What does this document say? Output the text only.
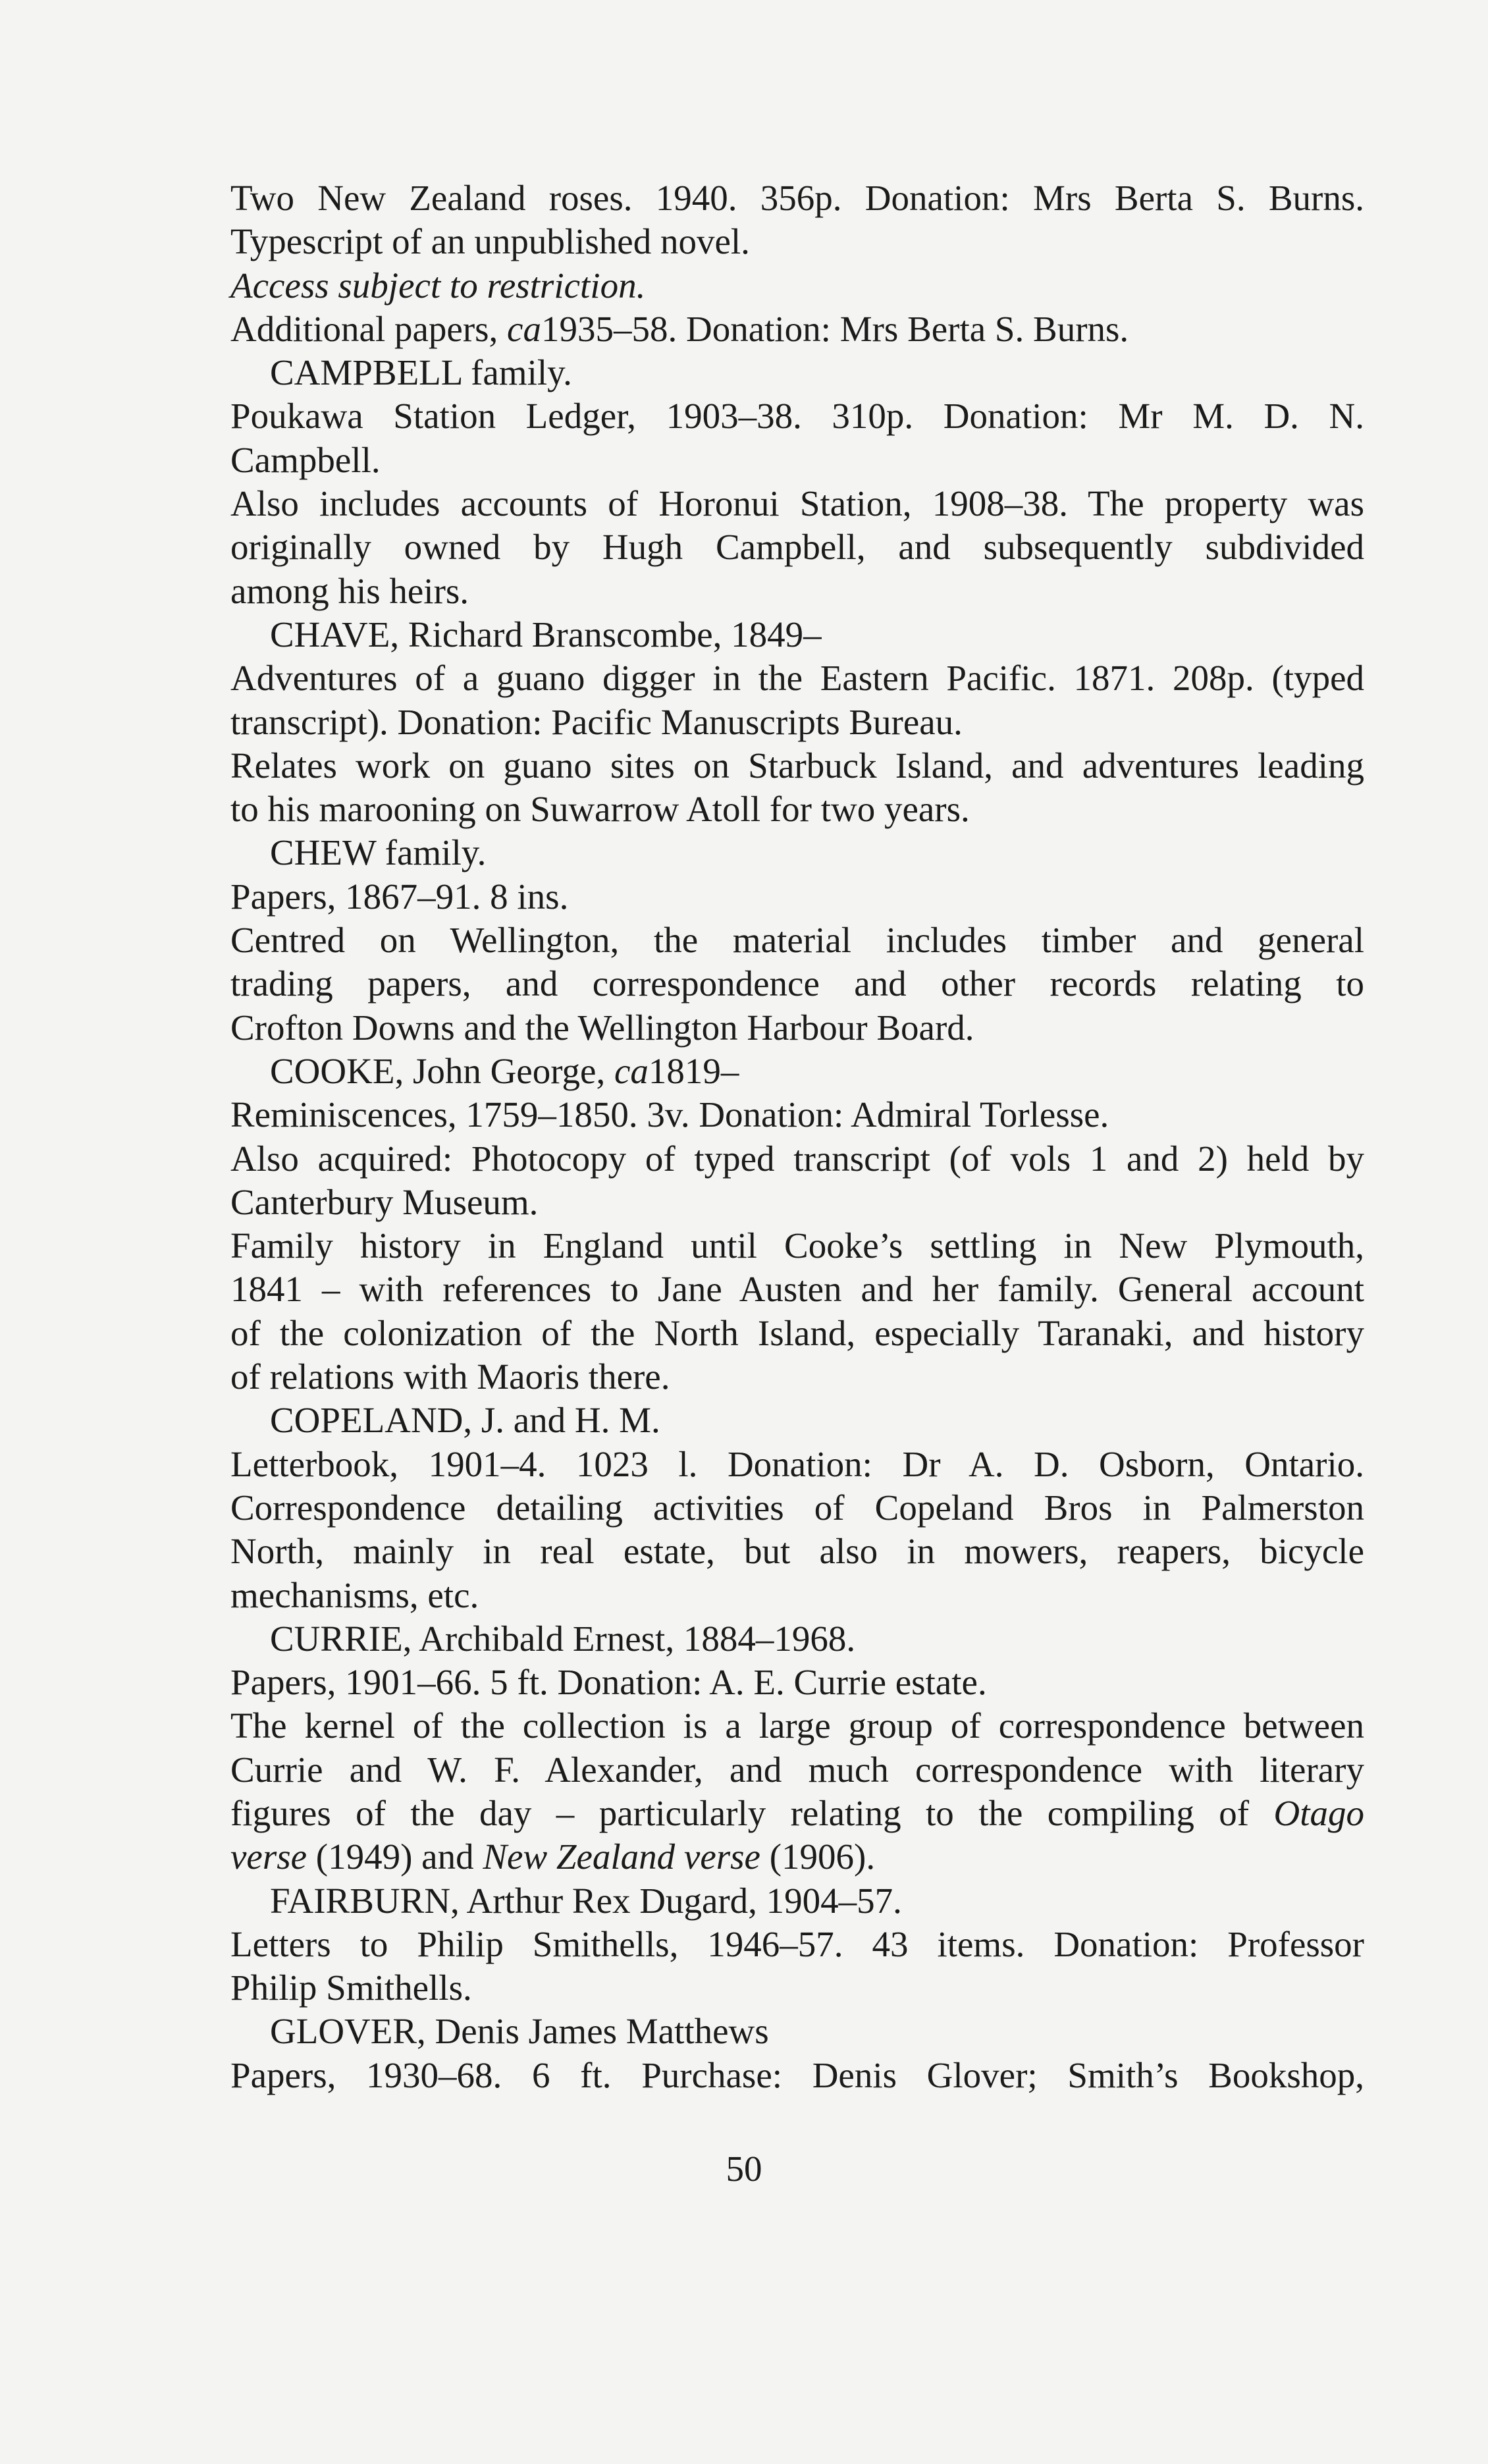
Two New Zealand roses. 1940. 356p. Donation: Mrs Berta S. Burns.
Typescript of an unpublished novel.
Access subject to restriction.
Additional papers, ca1935–58. Donation: Mrs Berta S. Burns.
CAMPBELL family.
Poukawa Station Ledger, 1903–38. 310p. Donation: Mr M. D. N.
Campbell.
Also includes accounts of Horonui Station, 1908–38. The property was
originally owned by Hugh Campbell, and subsequently subdivided
among his heirs.
CHAVE, Richard Branscombe, 1849–
Adventures of a guano digger in the Eastern Pacific. 1871. 208p. (typed
transcript). Donation: Pacific Manuscripts Bureau.
Relates work on guano sites on Starbuck Island, and adventures leading
to his marooning on Suwarrow Atoll for two years.
CHEW family.
Papers, 1867–91. 8 ins.
Centred on Wellington, the material includes timber and general
trading papers, and correspondence and other records relating to
Crofton Downs and the Wellington Harbour Board.
COOKE, John George, ca1819–
Reminiscences, 1759–1850. 3v. Donation: Admiral Torlesse.
Also acquired: Photocopy of typed transcript (of vols 1 and 2) held by
Canterbury Museum.
Family history in England until Cooke’s settling in New Plymouth,
1841 – with references to Jane Austen and her family. General account
of the colonization of the North Island, especially Taranaki, and history
of relations with Maoris there.
COPELAND, J. and H. M.
Letterbook, 1901–4. 1023 l. Donation: Dr A. D. Osborn, Ontario.
Correspondence detailing activities of Copeland Bros in Palmerston
North, mainly in real estate, but also in mowers, reapers, bicycle
mechanisms, etc.
CURRIE, Archibald Ernest, 1884–1968.
Papers, 1901–66. 5 ft. Donation: A. E. Currie estate.
The kernel of the collection is a large group of correspondence between
Currie and W. F. Alexander, and much correspondence with literary
figures of the day – particularly relating to the compiling of Otago
verse (1949) and New Zealand verse (1906).
FAIRBURN, Arthur Rex Dugard, 1904–57.
Letters to Philip Smithells, 1946–57. 43 items. Donation: Professor
Philip Smithells.
GLOVER, Denis James Matthews
Papers, 1930–68. 6 ft. Purchase: Denis Glover; Smith’s Bookshop,
50
